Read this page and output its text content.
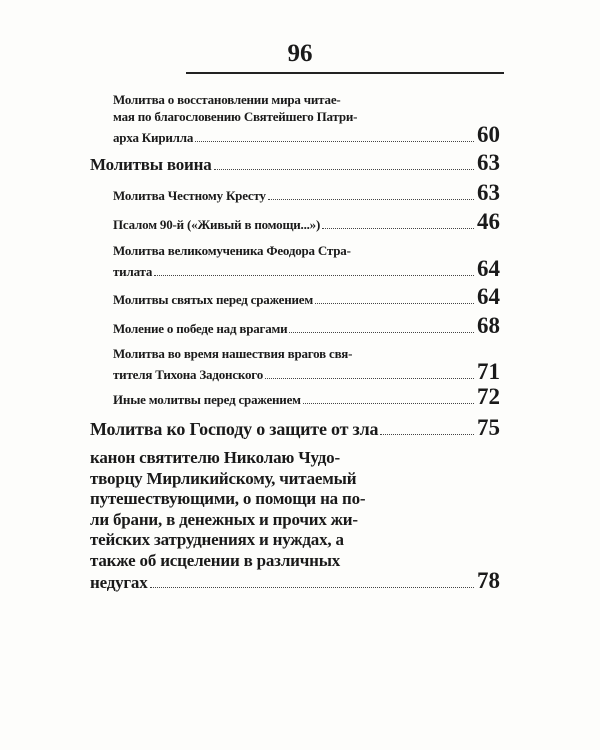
96
Молитва о восстановлении мира читае-
мая по благословению Святейшего Патри-
арха Кирилла	60
Молитвы воина	63
Молитва Честному Кресту	63
Псалом 90-й («Живый в помощи...»)	46
Молитва великомученика Феодора Стра-
тилата	64
Молитвы святых перед сражением	64
Моление о победе над врагами	68
Молитва во время нашествия врагов свя-
тителя Тихона Задонского	71
Иные молитвы перед сражением	72
Молитва ко Господу о защите от зла	75
канон святителю Николаю Чудо-
творцу Мирликийскому, читаемый
путешествующими, о помощи на по-
ли брани, в денежных и прочих жи-
тейских затруднениях и нуждах, а
также об исцелении в различных
недугах	78
